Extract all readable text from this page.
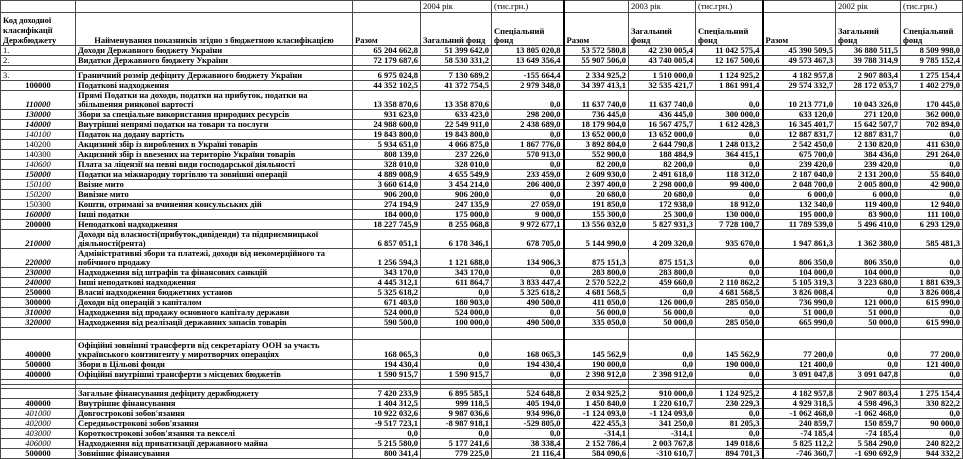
			2004 рік	(тис.грн.)		2003 рік	(тис.грн.)		2002 рік	(тис.грн.)
Код доходної класифікації Держбюджету	Найменування показників згідно з бюджетною класифікацією	Разом	Загальний фонд	Спеціальний фонд	Разом	Загальний фонд	Спеціальний фонд	Разом	Загальний фонд	Спеціальний фонд
1.	Доходи Державного бюджету України	65 204 662,8	51 399 642,0	13 805 020,8	53 572 580,8	42 230 005,4	11 042 575,4	45 390 509,5	36 880 511,5	8 509 998,0
2.	Видатки Державного бюджету України	72 179 687,6	58 530 331,2	13 649 356,4	55 907 506,0	43 740 005,4	12 167 500,6	49 573 467,3	39 788 314,9	9 785 152,4

3.	Граничний розмір дефіциту Державного бюджету України	6 975 024,8	7 130 689,2	-155 664,4	2 334 925,2	1 510 000,0	1 124 925,2	4 182 957,8	2 907 803,4	1 275 154,4
100000	Податкові надходження	44 352 102,5	41 372 754,5	2 979 348,0	34 397 413,1	32 535 421,7	1 861 991,4	29 574 332,7	28 172 053,7	1 402 279,0
110000	Прямі Податки на доходи, податки на прибуток, податки на збільшення ринкової вартості	13 358 870,6	13 358 870,6	0,0	11 637 740,0	11 637 740,0	0,0	10 213 771,0	10 043 326,0	170 445,0
130000	Збори за спеціальне використання природних ресурсів	931 623,0	633 423,0	298 200,0	736 445,0	436 445,0	300 000,0	633 120,0	271 120,0	362 000,0
140000	Внутрішні непрямі податки на товари та послуги	24 988 600,0	22 549 911,0	2 438 689,0	18 179 904,0	16 567 475,7	1 612 428,3	16 345 401,7	15 642 507,7	702 894,0
140100	Податок на додану вартість	19 843 800,0	19 843 800,0	0,0	13 652 000,0	13 652 000,0	0,0	12 887 831,7	12 887 831,7	0,0
140200	Акцизний збір із вироблених в Україні товарів	5 934 651,0	4 066 875,0	1 867 776,0	3 892 804,0	2 644 790,8	1 248 013,2	2 542 450,0	2 130 820,0	411 630,0
140300	Акцизний збір із ввезених на територію України товарів	808 139,0	237 226,0	570 913,0	552 900,0	188 484,9	364 415,1	675 700,0	384 436,0	291 264,0
140600	Плата за ліцензії на певні види господарської діяльності	328 010,0	328 010,0	0,0	82 200,0	82 200,0	0,0	239 420,0	239 420,0	0,0
150000	Податки на міжнародну торгівлю та зовнішні операції	4 889 008,9	4 655 549,9	233 459,0	2 609 930,0	2 491 618,0	118 312,0	2 187 040,0	2 131 200,0	55 840,0
150100	Ввізне мито	3 660 614,0	3 454 214,0	206 400,0	2 397 400,0	2 298 000,0	99 400,0	2 048 700,0	2 005 800,0	42 900,0
150200	Вивізне мито	906 200,0	906 200,0	0,0	20 680,0	20 680,0	0,0	6 000,0	6 000,0	0,0
150300	Кошти, отримані за вчинення консульських дій	274 194,9	247 135,9	27 059,0	191 850,0	172 938,0	18 912,0	132 340,0	119 400,0	12 940,0
160000	Інші податки	184 000,0	175 000,0	9 000,0	155 300,0	25 300,0	130 000,0	195 000,0	83 900,0	111 100,0
200000	Неподаткові надходження	18 227 745,9	8 255 068,8	9 972 677,1	13 556 032,0	5 827 931,3	7 728 100,7	11 789 539,0	5 496 410,0	6 293 129,0
210000	Доходи від власності(прибуток,дивіденди) та підприємницької діяльності(рента)	6 857 051,1	6 178 346,1	678 705,0	5 144 990,0	4 209 320,0	935 670,0	1 947 861,3	1 362 380,0	585 481,3
220000	Адміністративні збори та платежі, доходи від некомерційного та побічного продажу	1 256 594,3	1 121 688,0	134 906,3	875 151,3	875 151,3	0,0	806 350,0	806 350,0	0,0
230000	Надходження від штрафів та фінансових санкцій	343 170,0	343 170,0	0,0	283 800,0	283 800,0	0,0	104 000,0	104 000,0	0,0
240000	Інші неподаткові надходження	4 445 312,1	611 864,7	3 833 447,4	2 570 522,2	459 660,0	2 110 862,2	5 105 319,3	3 223 680,0	1 881 639,3
250000	Власні надходження бюджетних установ	5 325 618,2	0,0	5 325 618,2	4 681 568,5	0,0	4 681 568,5	3 826 008,4	0,0	3 826 008,4
300000	Доходи від операцій з капіталом	671 403,0	180 903,0	490 500,0	411 050,0	126 000,0	285 050,0	736 990,0	121 000,0	615 990,0
310000	Надходження від продажу основного капіталу держави	524 000,0	524 000,0	0,0	56 000,0	56 000,0	0,0	51 000,0	51 000,0	0,0
320000	Надходження від реалізації державних запасів товарів	590 500,0	100 000,0	490 500,0	335 050,0	50 000,0	285 050,0	665 990,0	50 000,0	615 990,0

400000	Офіційні зовнішні трансферти від секретаріату ООН за участь українського контингенту у миротворчих операціях	168 065,3	0,0	168 065,3	145 562,9	0,0	145 562,9	77 200,0	0,0	77 200,0
500000	Збори в Цільові фонди	194 430,4	0,0	194 430,4	190 000,0	0,0	190 000,0	121 400,0	0,0	121 400,0
400000	Офіційні внутрішні трансферти з місцевих бюджетів	1 590 915,7	1 590 915,7	0,0	2 398 912,0	2 398 912,0	0,0	3 091 047,8	3 091 047,8	0,0

	Загальне фінансування дефіциту держбюджету	7 420 233,9	6 895 585,1	524 648,8	2 034 925,2	910 000,0	1 124 925,2	4 182 957,8	2 907 803,4	1 275 154,4
400000	Внутрішнє фінансування	1 404 312,5	999 118,5	405 194,0	1 450 840,0	1 220 610,7	230 229,3	4 929 318,5	4 598 496,3	330 822,2
401000	Довгострокові зобов'язання	10 922 032,6	9 987 036,6	934 996,0	-1 124 093,0	-1 124 093,0	0,0	-1 062 468,0	-1 062 468,0	0,0
402000	Середньострокові зобов'язання	-9 517 723,1	-8 987 918,1	-529 805,0	422 455,3	341 250,0	81 205,3	240 859,7	150 859,7	90 000,0
403000	Короткострокові зобов'язання та векселі	0,0	0,0	0,0	-314,1	-314,1	0,0	-74 185,4	-74 185,4	0,0
406000	Надходження від приватизації державного майна	5 215 580,0	5 177 241,6	38 338,4	2 152 786,4	2 003 767,8	149 018,6	5 825 112,2	5 584 290,0	240 822,2
500000	Зовнішнє фінансування	800 341,4	779 225,0	21 116,4	584 090,6	-310 610,7	894 701,3	-746 360,7	-1 690 692,9	944 332,2
